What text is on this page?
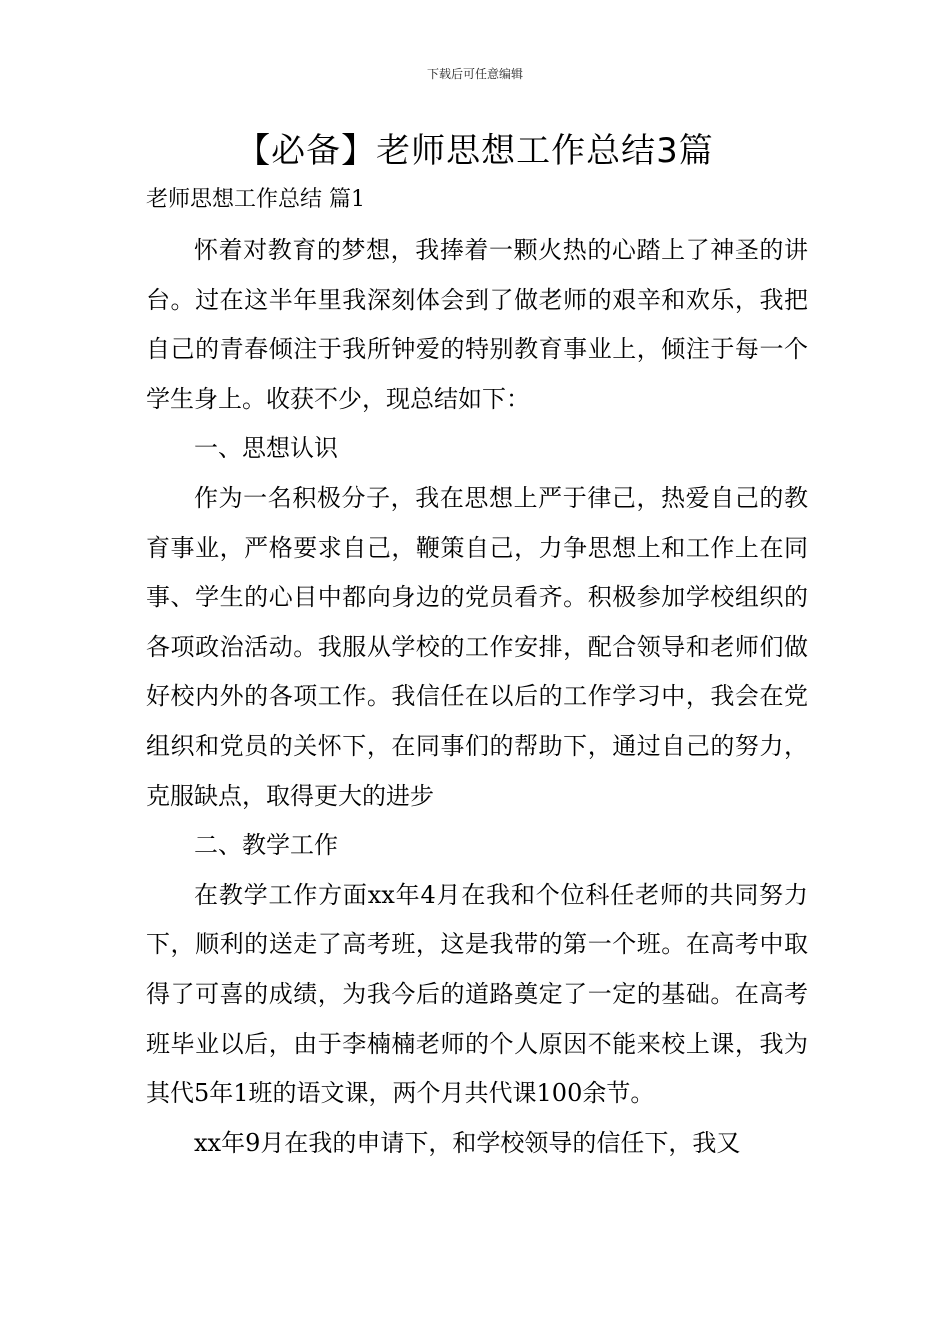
下载后可任意编辑
【必备】老师思想工作总结3篇
老师思想工作总结 篇1

怀着对教育的梦想，我捧着一颗火热的心踏上了神圣的讲台。过在这半年里我深刻体会到了做老师的艰辛和欢乐，我把自己的青春倾注于我所钟爱的特别教育事业上，倾注于每一个学生身上。收获不少，现总结如下：

一、思想认识

作为一名积极分子，我在思想上严于律己，热爱自己的教育事业，严格要求自己，鞭策自己，力争思想上和工作上在同事、学生的心目中都向身边的党员看齐。积极参加学校组织的各项政治活动。我服从学校的工作安排，配合领导和老师们做好校内外的各项工作。我信任在以后的工作学习中，我会在党组织和党员的关怀下，在同事们的帮助下，通过自己的努力，克服缺点，取得更大的进步

二、教学工作

在教学工作方面xx年4月在我和个位科任老师的共同努力下，顺利的送走了高考班，这是我带的第一个班。在高考中取得了可喜的成绩，为我今后的道路奠定了一定的基础。在高考班毕业以后，由于李楠楠老师的个人原因不能来校上课，我为其代5年1班的语文课，两个月共代课100余节。

xx年9月在我的申请下，和学校领导的信任下，我又
